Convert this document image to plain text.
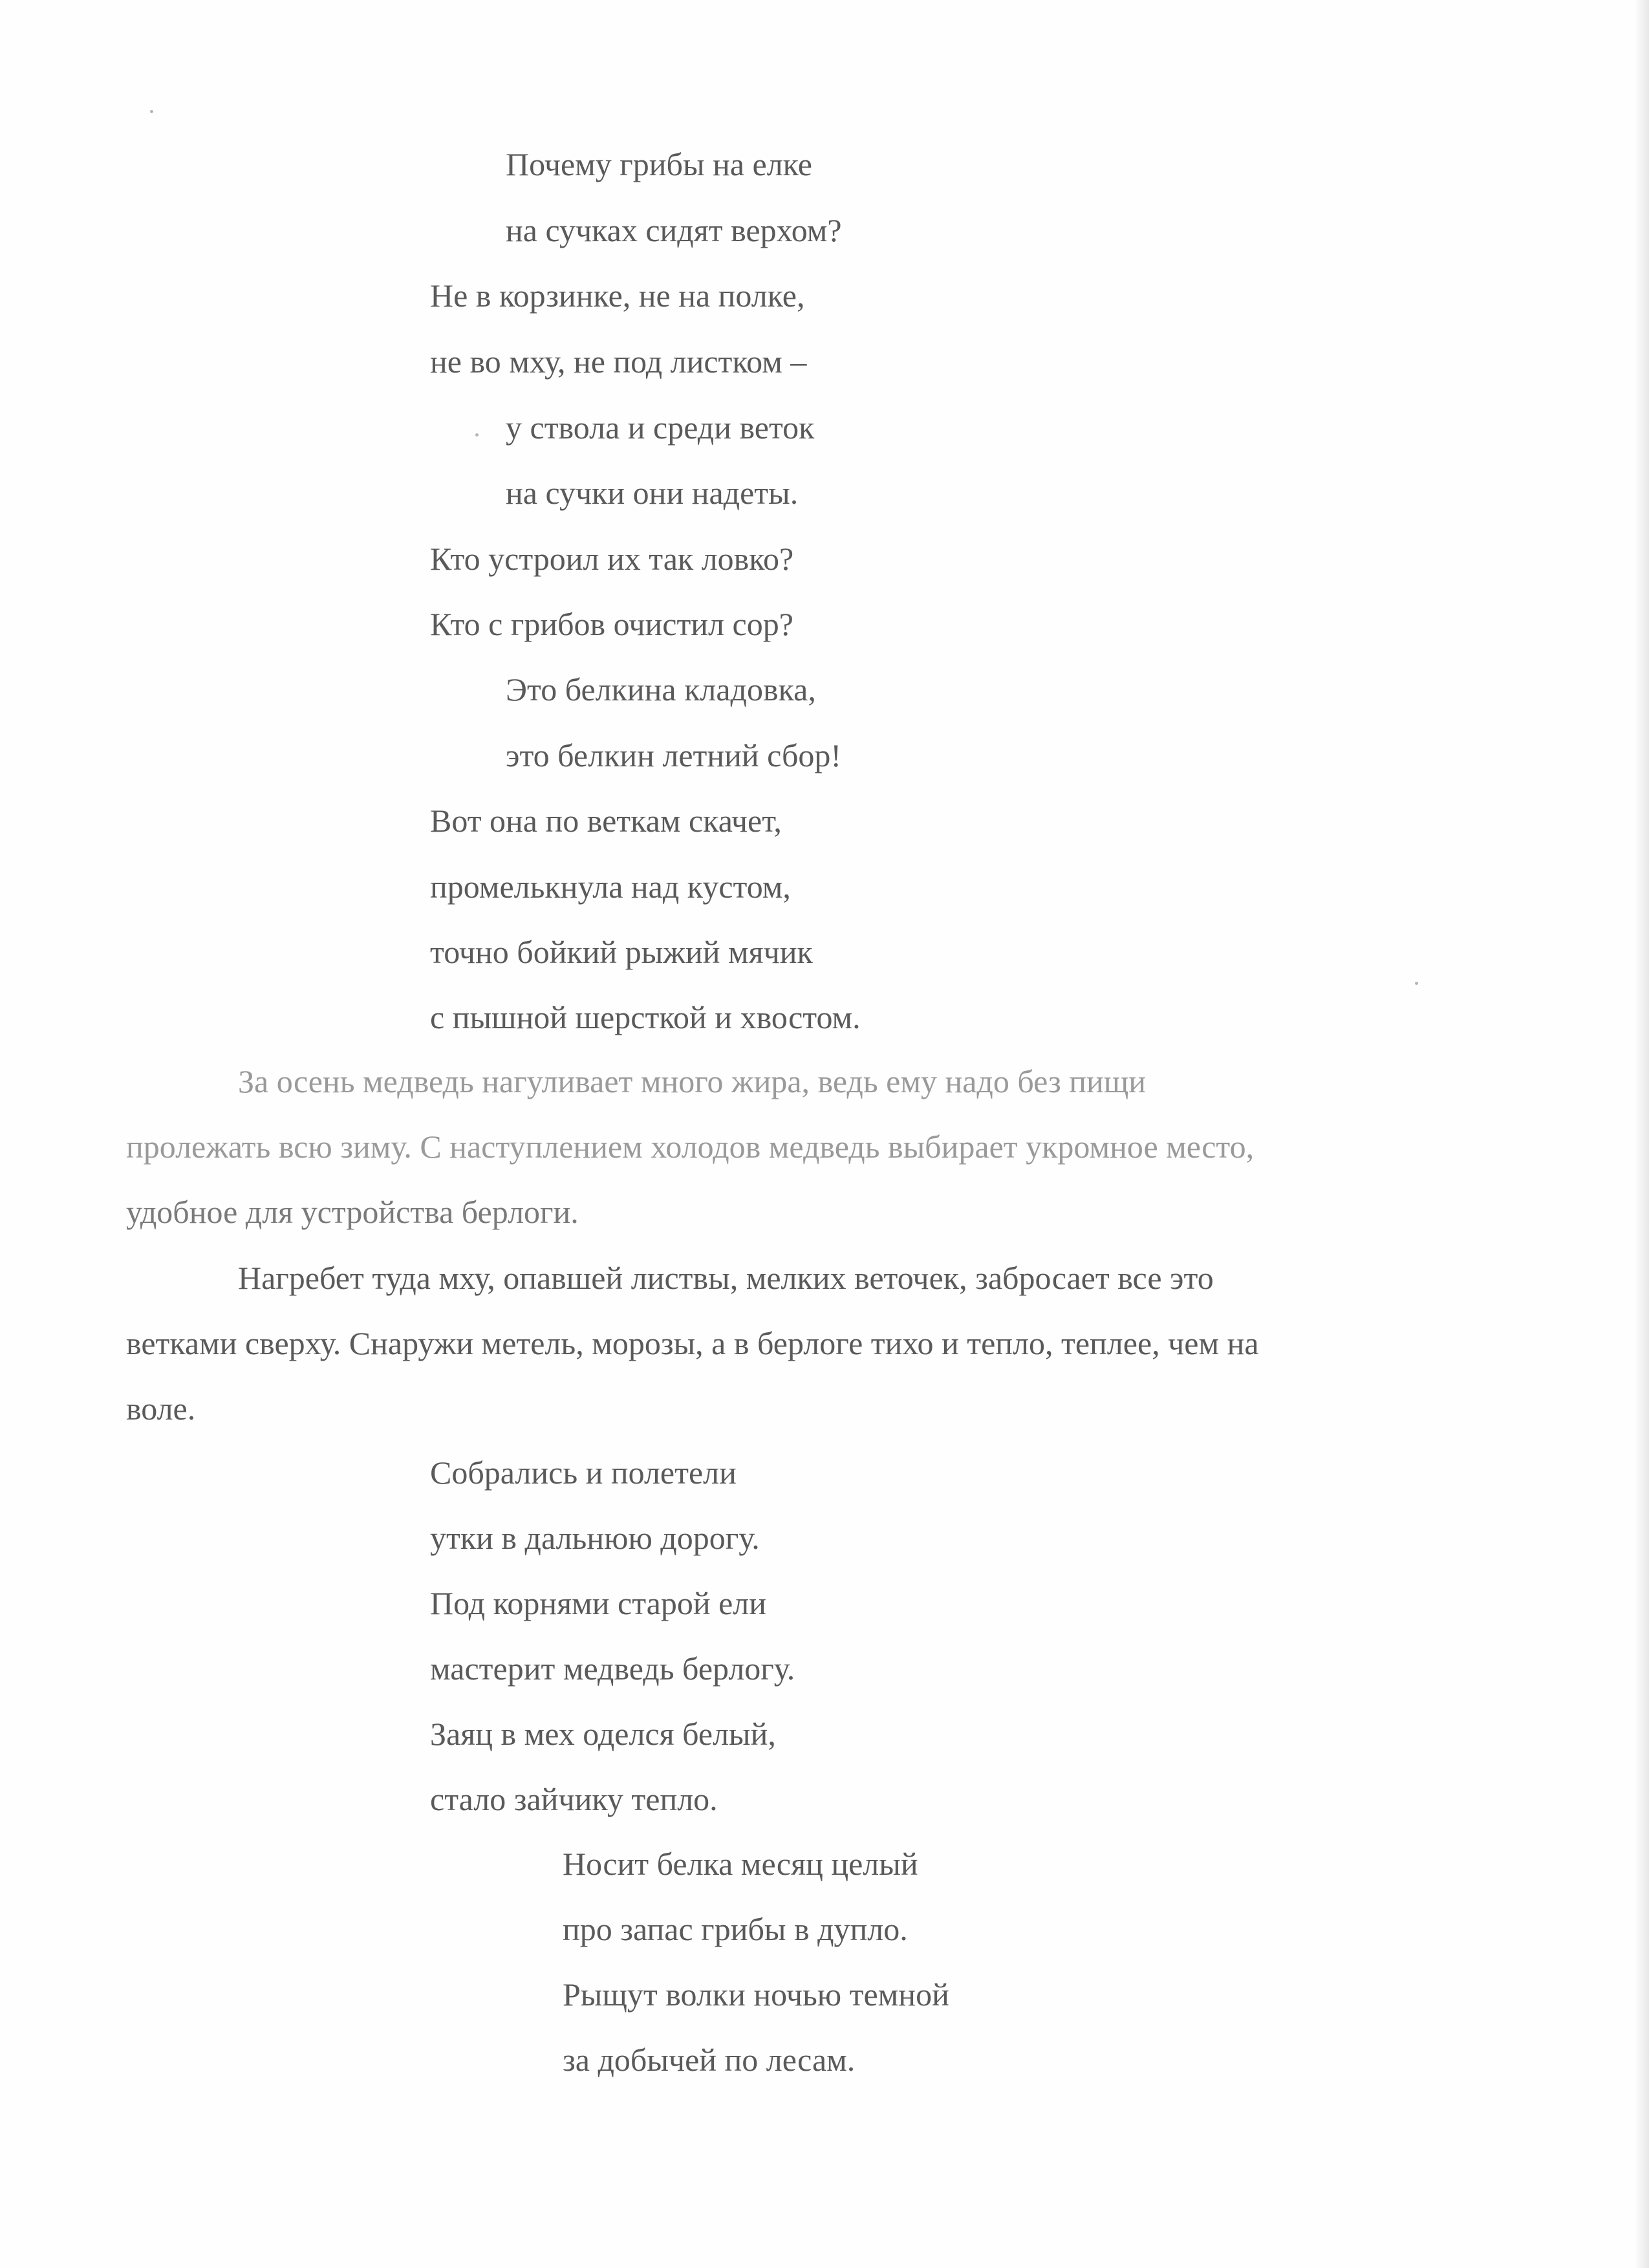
Почему грибы на елке
на сучках сидят верхом?
Не в корзинке, не на полке,
не во мху, не под листком –
у ствола и среди веток
на сучки они надеты.
Кто устроил их так ловко?
Кто с грибов очистил сор?
Это белкина кладовка,
это белкин летний сбор!
Вот она по веткам скачет,
промелькнула над кустом,
точно бойкий рыжий мячик
с пышной шерсткой и хвостом.
За осень медведь нагуливает много жира, ведь ему надо без пищи
пролежать всю зиму. С наступлением холодов медведь выбирает укромное место,
удобное для устройства берлоги.
Нагребет туда мху, опавшей листвы, мелких веточек, забросает все это
ветками сверху. Снаружи метель, морозы, а в берлоге тихо и тепло, теплее, чем на
воле.
Собрались и полетели
утки в дальнюю дорогу.
Под корнями старой ели
мастерит медведь берлогу.
Заяц в мех оделся белый,
стало зайчику тепло.
Носит белка месяц целый
про запас грибы в дупло.
Рыщут волки ночью темной
за добычей по лесам.
